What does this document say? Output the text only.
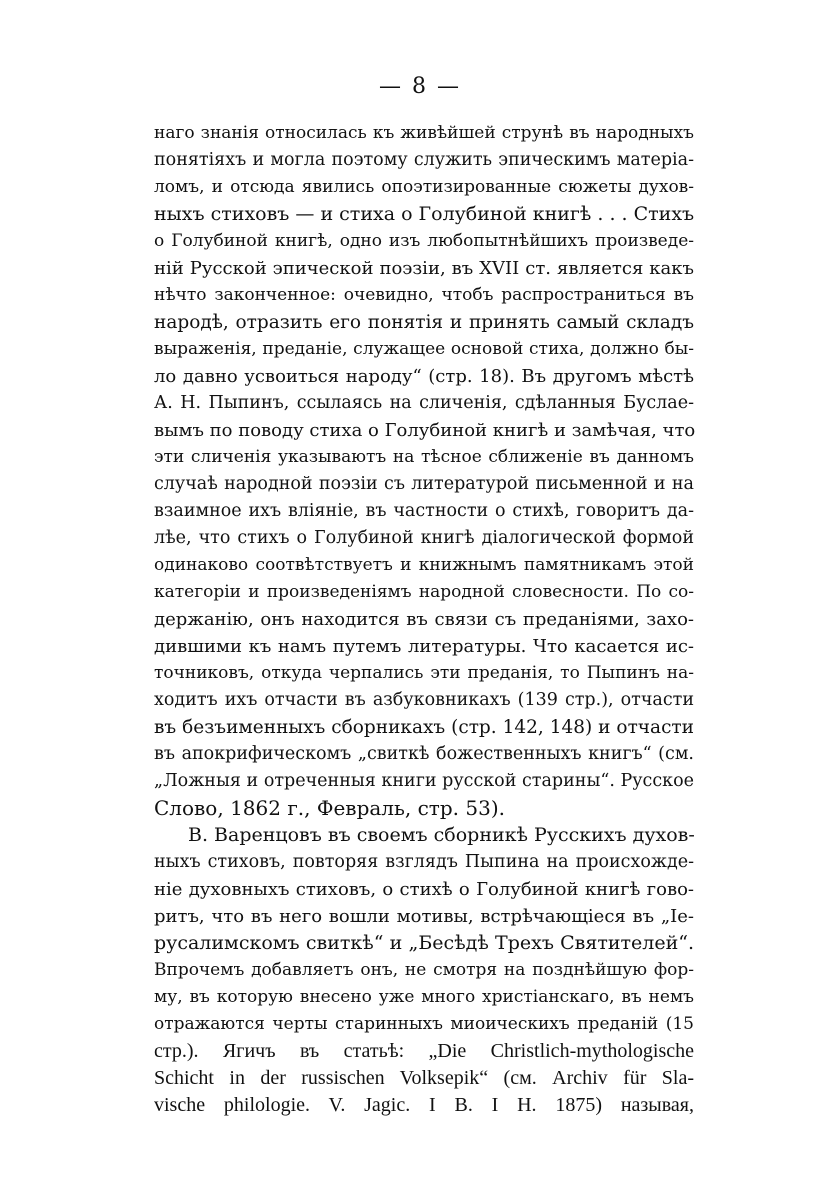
— 8 —
наго знанія относилась къ живѣйшей струнѣ въ народныхъ
понятіяхъ и могла поэтому служить эпическимъ матеріа-
ломъ, и отсюда явились опоэтизированные сюжеты духов-
ныхъ стиховъ — и стиха о Голубиной книгѣ . . . Стихъ
о Голубиной книгѣ, одно изъ любопытнѣйшихъ произведе-
ній Русской эпической поэзіи, въ XVII ст. является какъ
нѣчто законченное: очевидно, чтобъ распространиться въ
народѣ, отразить его понятія и принять самый складъ
выраженія, преданіе, служащее основой стиха, должно бы-
ло давно усвоиться народу“ (стр. 18). Въ другомъ мѣстѣ
А. Н. Пыпинъ, ссылаясь на сличенія, сдѣланныя Буслае-
вымъ по поводу стиха о Голубиной книгѣ и замѣчая, что
эти сличенія указываютъ на тѣсное сближеніе въ данномъ
случаѣ народной поэзіи съ литературой письменной и на
взаимное ихъ вліяніе, въ частности о стихѣ, говоритъ да-
лѣе, что стихъ о Голубиной книгѣ діалогической формой
одинаково соотвѣтствуетъ и книжнымъ памятникамъ этой
категоріи и произведеніямъ народной словесности. По со-
держанію, онъ находится въ связи съ преданіями, захо-
дившими къ намъ путемъ литературы. Что касается ис-
точниковъ, откуда черпались эти преданія, то Пыпинъ на-
ходитъ ихъ отчасти въ азбуковникахъ (139 стр.), отчасти
въ безъименныхъ сборникахъ (стр. 142, 148) и отчасти
въ апокрифическомъ „свиткѣ божественныхъ книгъ“ (см.
„Ложныя и отреченныя книги русской старины“. Русское
Слово, 1862 г., Февраль, стр. 53).
В. Варенцовъ въ своемъ сборникѣ Русскихъ духов-
ныхъ стиховъ, повторяя взглядъ Пыпина на происхожде-
ніе духовныхъ стиховъ, о стихѣ о Голубиной книгѣ гово-
ритъ, что въ него вошли мотивы, встрѣчающіеся въ „Іе-
русалимскомъ свиткѣ“ и „Бесѣдѣ Трехъ Святителей“.
Впрочемъ добавляетъ онъ, не смотря на позднѣйшую фор-
му, въ которую внесено уже много христіанскаго, въ немъ
отражаются черты старинныхъ миоическихъ преданій (15
стр.). Ягичъ въ статьѣ: „Die Christlich-mythologische
Schicht in der russischen Volksepik“ (см. Archiv für Sla-
vische philologie. V. Jagic. I B. I H. 1875) называя,
